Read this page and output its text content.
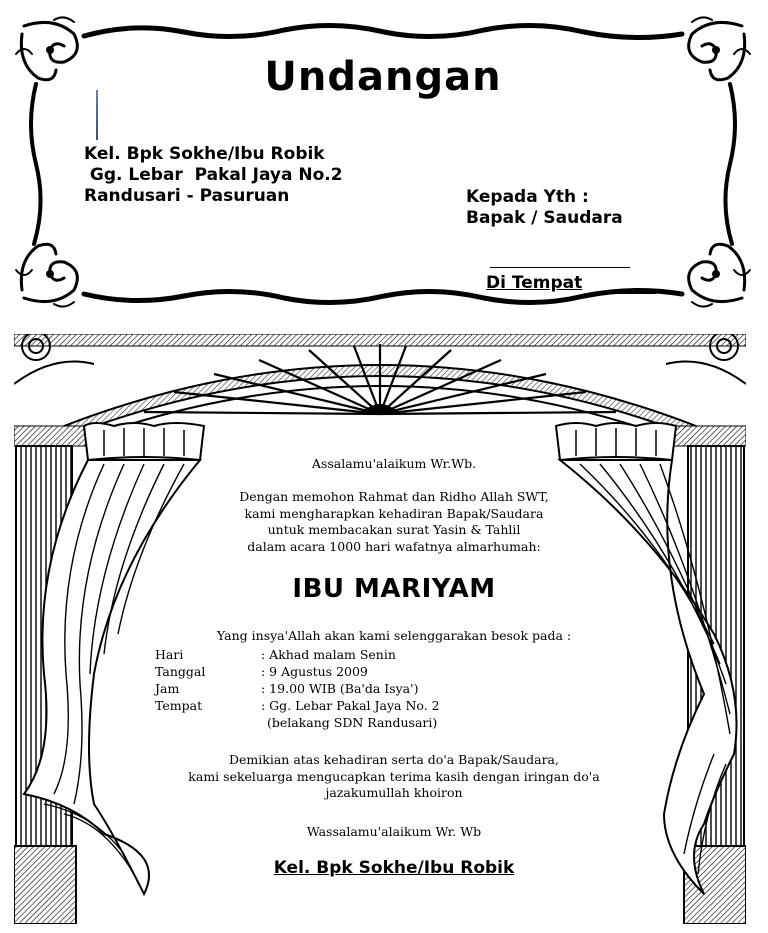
Undangan
Kel. Bpk Sokhe/Ibu Robik
Gg. Lebar  Pakal Jaya No.2
Randusari - Pasuruan	Kepada Yth :
Bapak / Saudara
Di Tempat
Assalamu'alaikum Wr.Wb.
Dengan memohon Rahmat dan Ridho Allah SWT,
kami mengharapkan kehadiran Bapak/Saudara
untuk membacakan surat Yasin & Tahlil
dalam acara 1000 hari wafatnya almarhumah:
IBU MARIYAM
Yang insya'Allah akan kami selenggarakan besok pada :
Hari	: Akhad malam Senin
Tanggal	: 9 Agustus 2009
Jam	: 19.00 WIB (Ba'da Isya')
Tempat	: Gg. Lebar Pakal Jaya No. 2
(belakang SDN Randusari)
Demikian atas kehadiran serta do'a Bapak/Saudara,
kami sekeluarga mengucapkan terima kasih dengan iringan do'a
jazakumullah khoiron
Wassalamu'alaikum Wr. Wb
Kel. Bpk Sokhe/Ibu Robik
